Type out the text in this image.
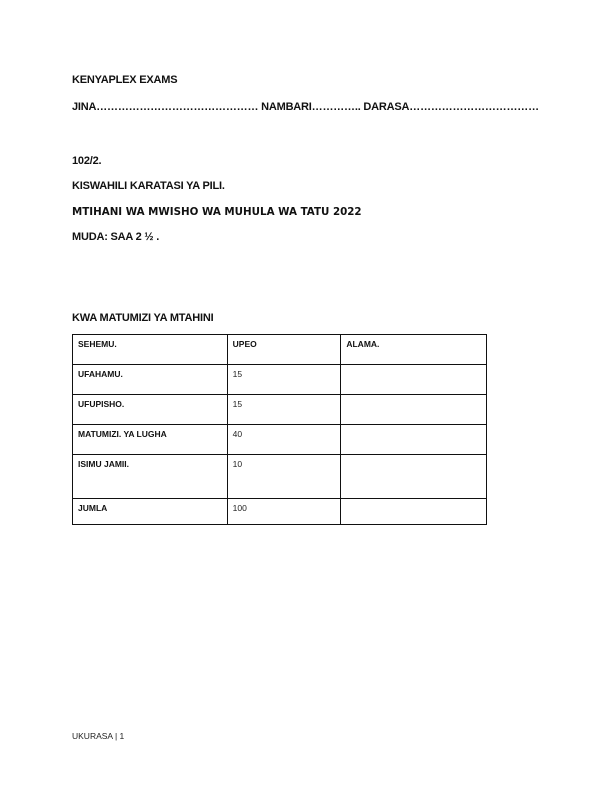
KENYAPLEX EXAMS
JINA……………………………………… NAMBARI………….. DARASA………………………………
102/2.
KISWAHILI KARATASI YA PILI.
MTIHANI WA MWISHO WA MUHULA WA TATU 2022
MUDA: SAA 2 ½ .
KWA MATUMIZI YA MTAHINI
SEHEMU.	UPEO	ALAMA.
UFAHAMU.	15	
UFUPISHO.	15	
MATUMIZI. YA LUGHA	40	
ISIMU JAMII.	10	
JUMLA	100	
UKURASA | 1
